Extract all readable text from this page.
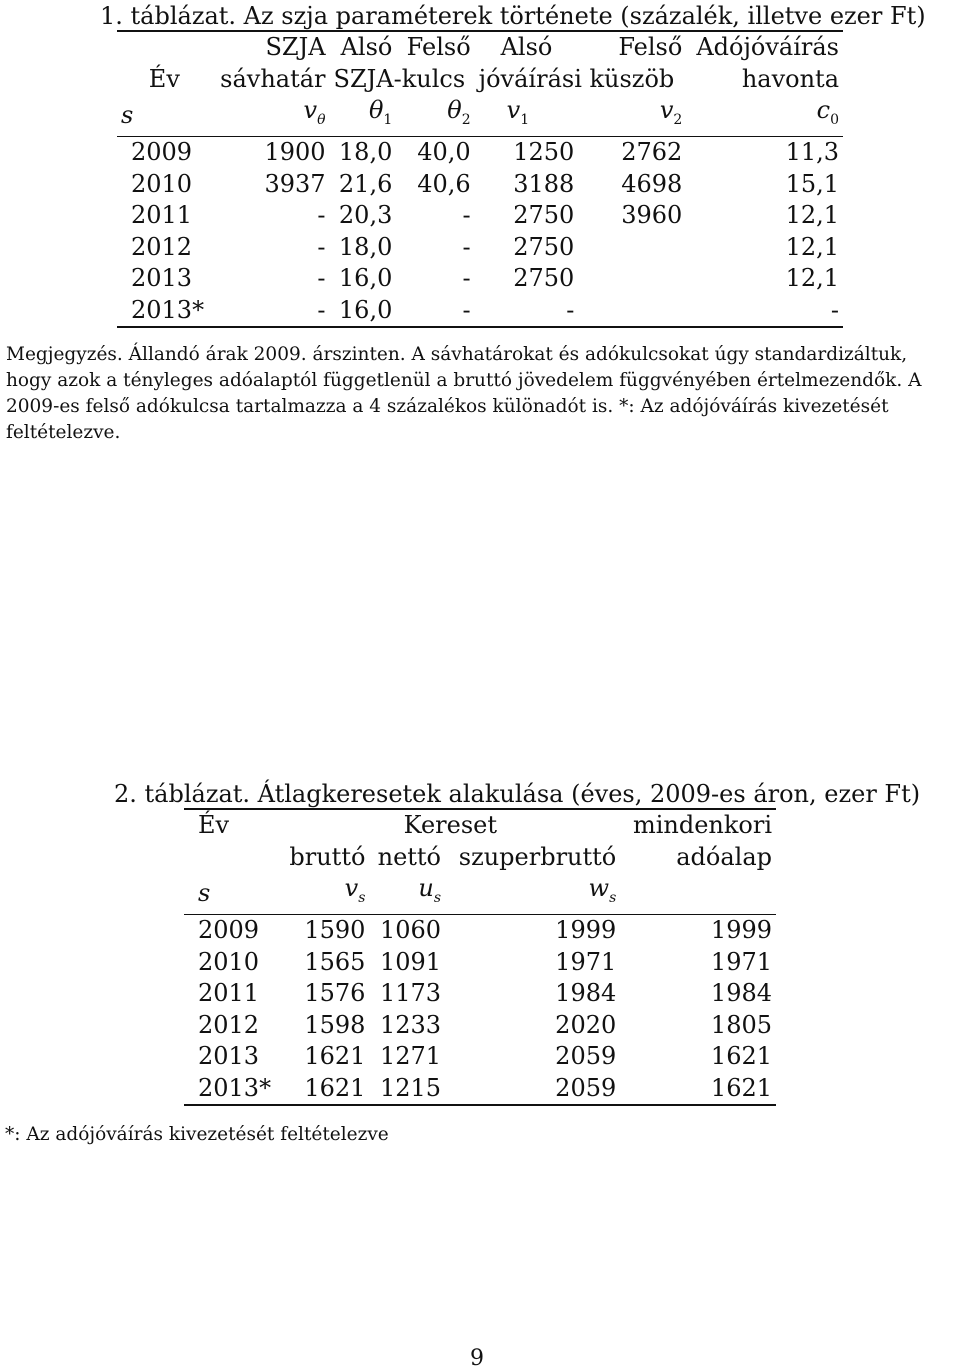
1. táblázat. Az szja paraméterek története (százalék, illetve ezer Ft)
	SZJA	Alsó	Felső	Alsó	Felső	Adójóváírás
Év	sávhatár	SZJA-kulcs		jóváírási küszöb		havonta
s	$v_\theta$	$\theta_1$	$\theta_2$	$v_1$	$v_2$	$c_0$
2009	1900	18,0	40,0	1250	2762	11,3
2010	3937	21,6	40,6	3188	4698	15,1
2011	-	20,3	-	2750	3960	12,1
2012	-	18,0	-	2750		12,1
2013	-	16,0	-	2750		12,1
2013*	-	16,0	-	-		-
Megjegyzés. Állandó árak 2009. árszinten. A sávhatárokat és adókulcsokat úgy standardizáltuk, hogy azok a tényleges adóalaptól függetlenül a bruttó jövedelem függvényében értelmezendők. A 2009-es felső adókulcsa tartalmazza a 4 százalékos különadót is. *: Az adójóváírás kivezetését feltételezve.
2. táblázat. Átlagkeresetek alakulása (éves, 2009-es áron, ezer Ft)
Év	Kereset			mindenkori
	bruttó	nettó	szuperbruttó	adóalap
s	$v_s$	$u_s$	$w_s$	
2009	1590	1060	1999	1999
2010	1565	1091	1971	1971
2011	1576	1173	1984	1984
2012	1598	1233	2020	1805
2013	1621	1271	2059	1621
2013*	1621	1215	2059	1621
*: Az adójóváírás kivezetését feltételezve
9
